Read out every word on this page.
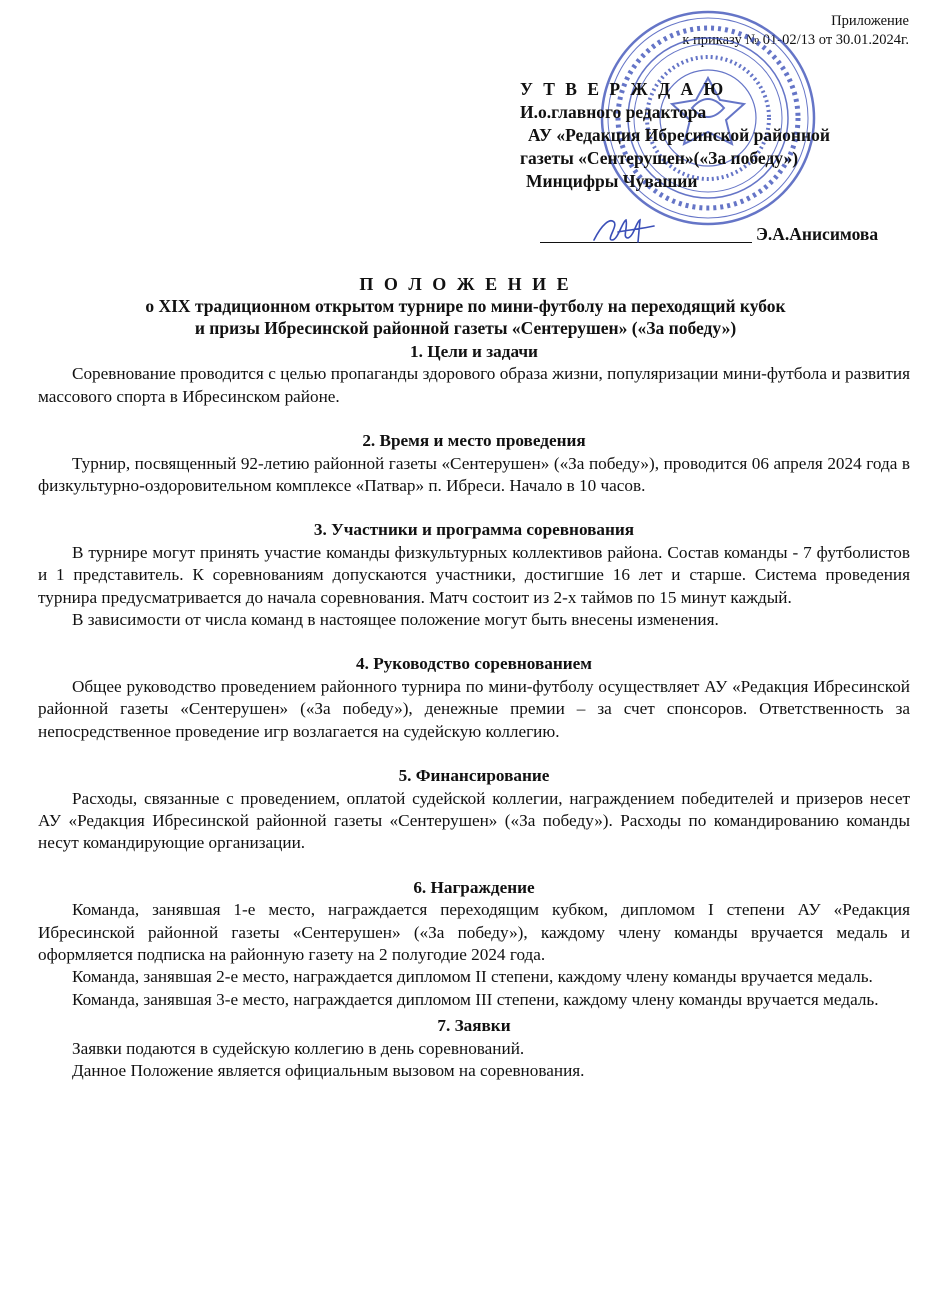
Приложение
к приказу № 01-02/13 от 30.01.2024г.
У Т В Е Р Ж Д А Ю
И.о.главного редактора
АУ «Редакция Ибресинской районной
газеты «Сентерушен»(«За победу»)
Минцифры Чувашии
Э.А.Анисимова
П О Л О Ж Е Н И Е
о XIX традиционном открытом турнире по мини-футболу на переходящий кубок
и призы Ибресинской районной газеты «Сентерушен» («За победу»)
1. Цели и задачи

Соревнование проводится с целью пропаганды здорового образа жизни, популяризации мини-футбола и развития массового спорта в Ибресинском районе.

2. Время и место проведения

Турнир, посвященный 92-летию районной газеты «Сентерушен» («За победу»), проводится 06 апреля 2024 года в физкультурно-оздоровительном комплексе «Патвар» п. Ибреси. Начало в 10 часов.

3. Участники и программа соревнования

В турнире могут принять участие команды физкультурных коллективов района. Состав команды - 7 футболистов и 1 представитель. К соревнованиям допускаются участники, достигшие 16 лет и старше. Система проведения турнира предусматривается до начала соревнования. Матч состоит из 2-х таймов по 15 минут каждый.

В зависимости от числа команд в настоящее положение могут быть внесены изменения.

4. Руководство соревнованием

Общее руководство проведением районного турнира по мини-футболу осуществляет АУ «Редакция Ибресинской районной газеты «Сентерушен» («За победу»), денежные премии – за счет спонсоров. Ответственность за непосредственное проведение игр возлагается на судейскую коллегию.

5. Финансирование

Расходы, связанные с проведением, оплатой судейской коллегии, награждением победителей и призеров несет АУ «Редакция Ибресинской районной газеты «Сентерушен» («За победу»). Расходы по командированию команды несут командирующие организации.

6. Награждение

Команда, занявшая 1-е место, награждается переходящим кубком, дипломом I степени АУ «Редакция Ибресинской районной газеты «Сентерушен» («За победу»), каждому члену команды вручается медаль и оформляется подписка на районную газету на 2 полугодие 2024 года.

Команда, занявшая 2-е место, награждается дипломом II степени, каждому члену команды вручается медаль.

Команда, занявшая 3-е место, награждается дипломом III степени, каждому члену команды вручается медаль.

7. Заявки

Заявки подаются в судейскую коллегию в день соревнований.

Данное Положение является официальным вызовом на соревнования.
